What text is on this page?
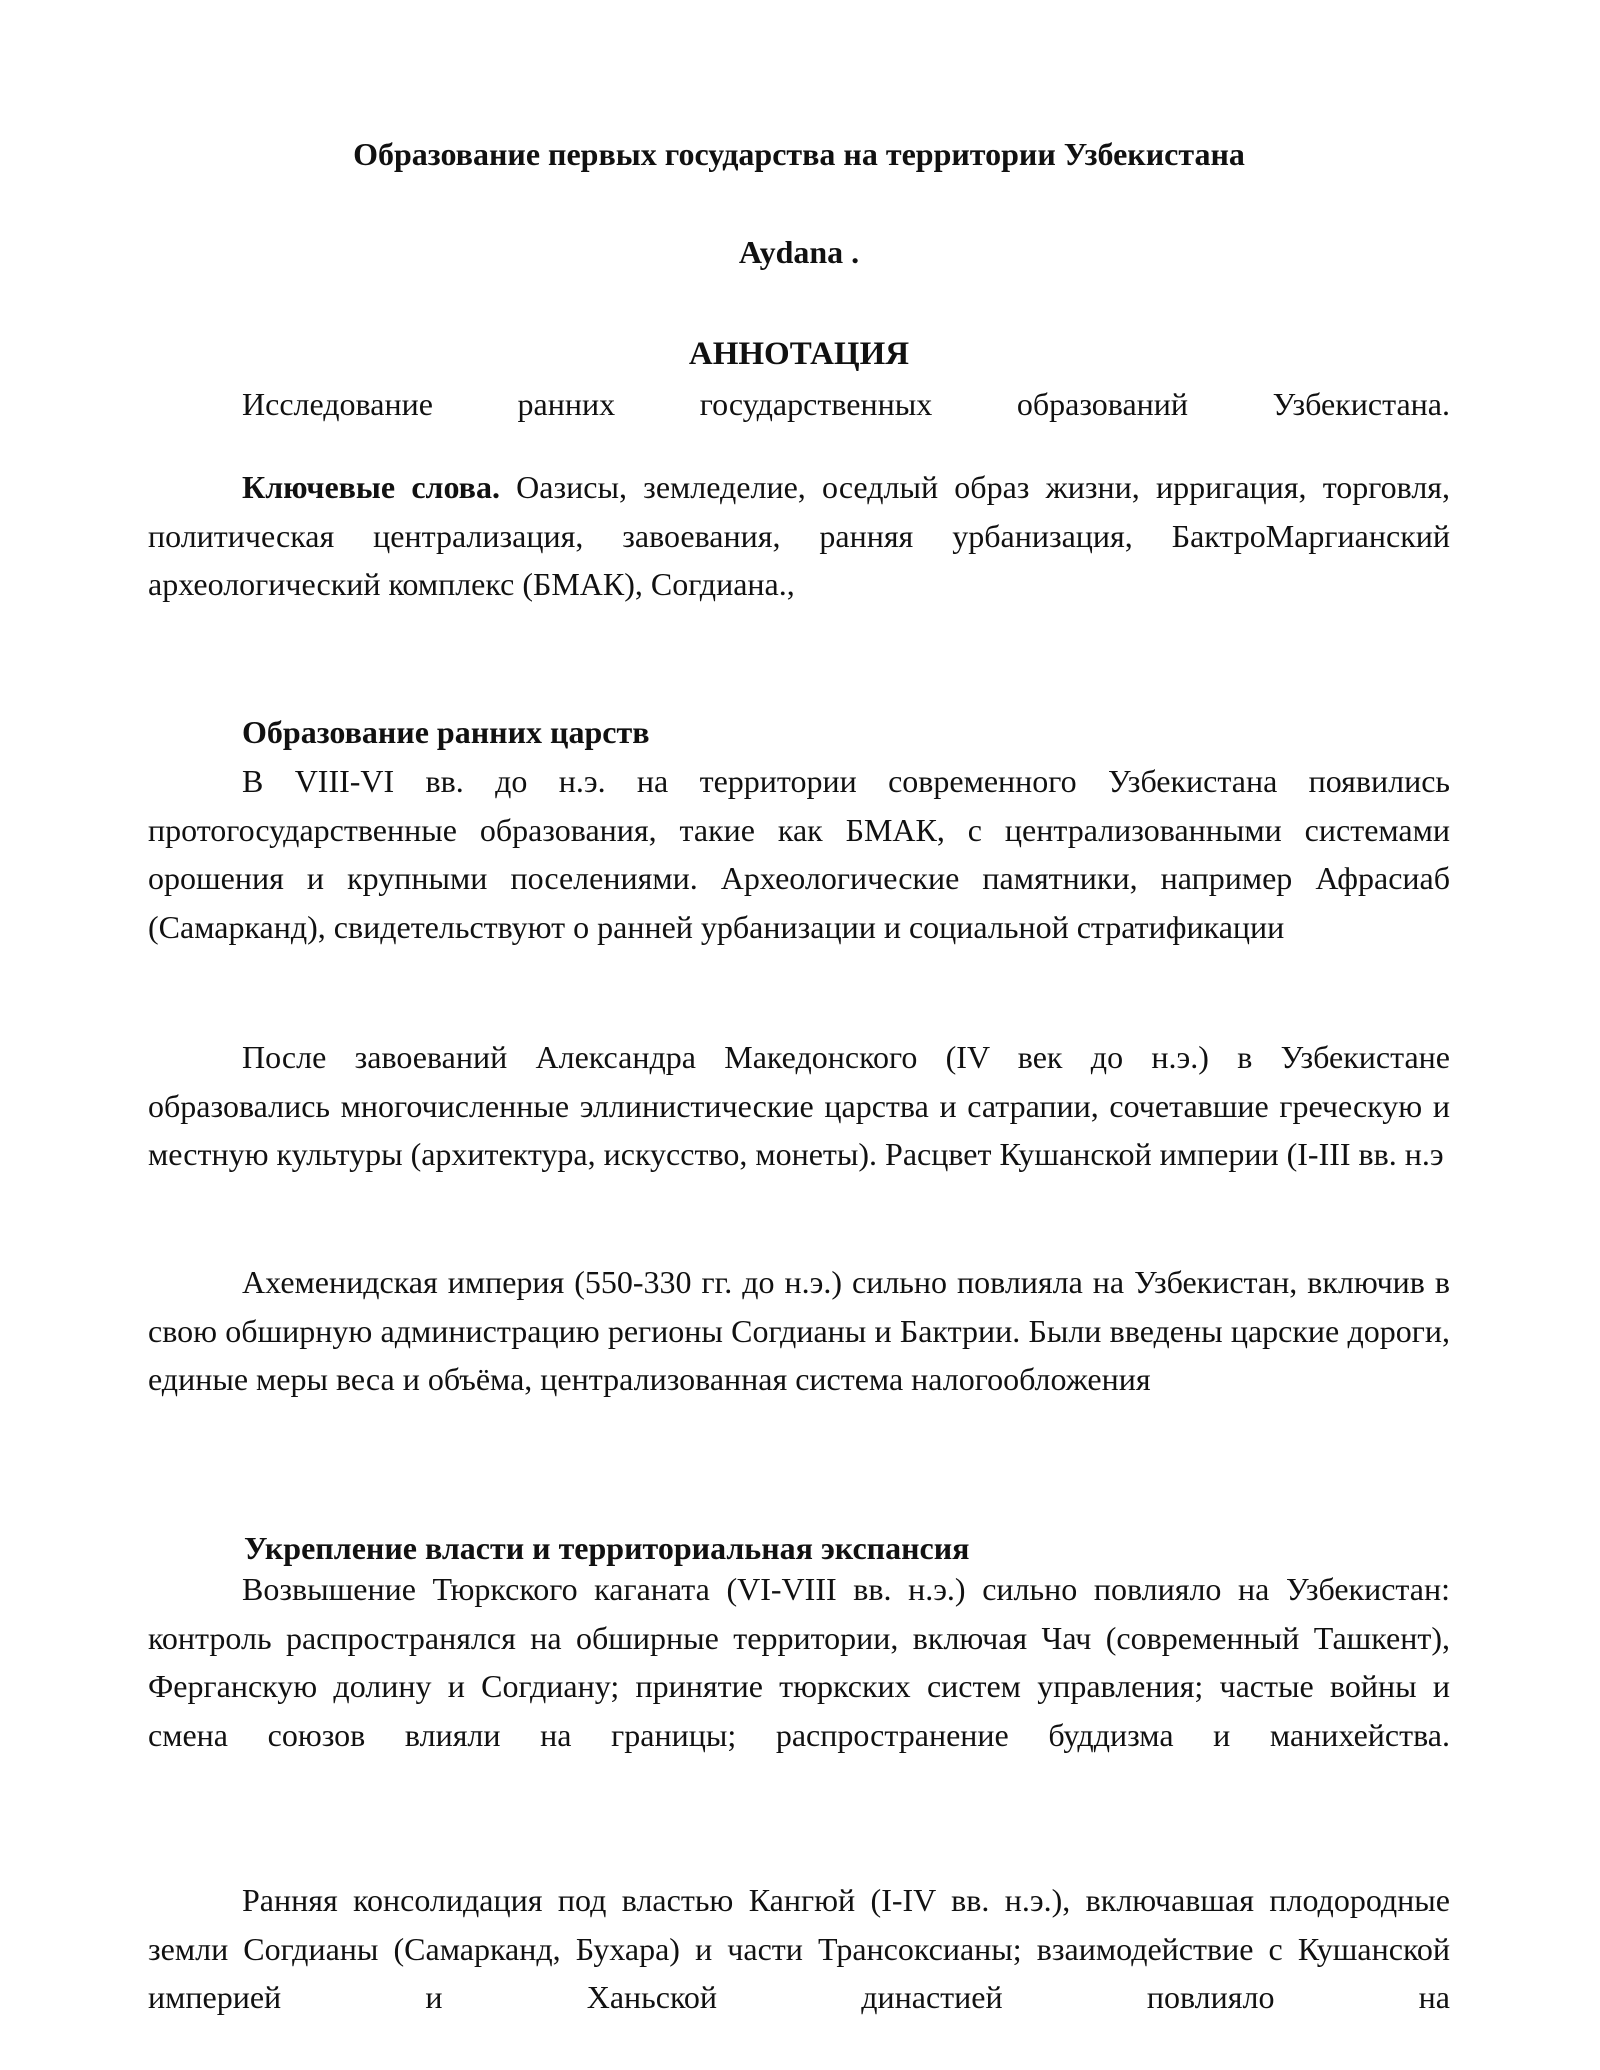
Образование первых государства на территории Узбекистана
Aydana .
АННОТАЦИЯ

Исследование ранних государственных образований Узбекистана.

Ключевые слова. Оазисы, земледелие, оседлый образ жизни, ирригация, торговля, политическая централизация, завоевания, ранняя урбанизация, БактроМаргианский археологический комплекс (БМАК), Согдиана.,

Образование ранних царств

В VIII-VI вв. до н.э. на территории современного Узбекистана появились протогосударственные образования, такие как БМАК, с централизованными системами орошения и крупными поселениями. Археологические памятники, например Афрасиаб (Самарканд), свидетельствуют о ранней урбанизации и социальной стратификации

После завоеваний Александра Македонского (IV век до н.э.) в Узбекистане образовались многочисленные эллинистические царства и сатрапии, сочетавшие греческую и местную культуры (архитектура, искусство, монеты). Расцвет Кушанской империи (I-III вв. н.э

Ахеменидская империя (550-330 гг. до н.э.) сильно повлияла на Узбекистан, включив в свою обширную администрацию регионы Согдианы и Бактрии. Были введены царские дороги, единые меры веса и объёма, централизованная система налогообложения

Укрепление власти и территориальная экспансия

Возвышение Тюркского каганата (VI-VIII вв. н.э.) сильно повлияло на Узбекистан: контроль распространялся на обширные территории, включая Чач (современный Ташкент), Ферганскую долину и Согдиану; принятие тюркских систем управления; частые войны и смена союзов влияли на границы; распространение буддизма и манихейства.

Ранняя консолидация под властью Кангюй (I-IV вв. н.э.), включавшая плодородные земли Согдианы (Самарканд, Бухара) и части Трансоксианы; взаимодействие с Кушанской империей и Ханьской династией повлияло на
